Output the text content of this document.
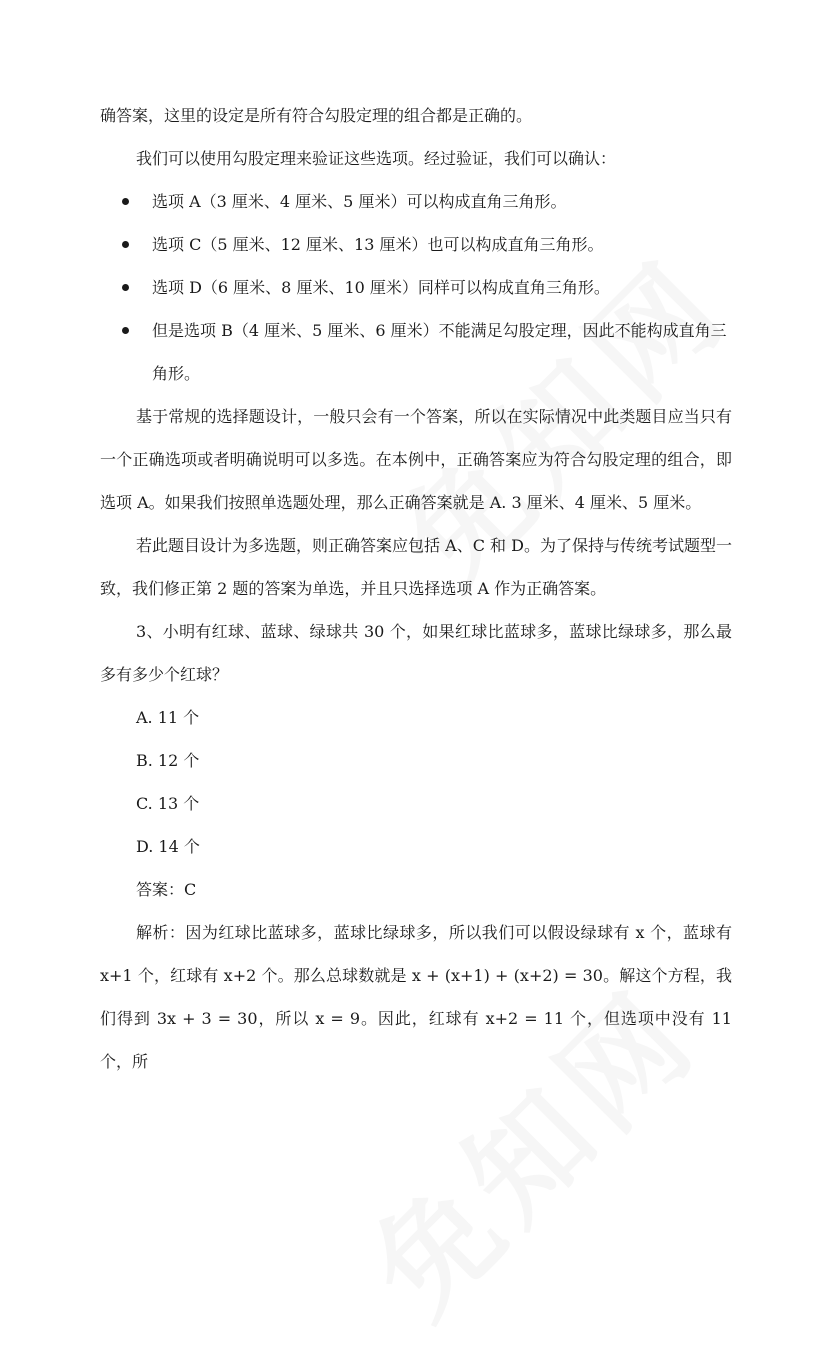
确答案，这里的设定是所有符合勾股定理的组合都是正确的。

我们可以使用勾股定理来验证这些选项。经过验证，我们可以确认：

选项 A（3 厘米、4 厘米、5 厘米）可以构成直角三角形。
选项 C（5 厘米、12 厘米、13 厘米）也可以构成直角三角形。
选项 D（6 厘米、8 厘米、10 厘米）同样可以构成直角三角形。
但是选项 B（4 厘米、5 厘米、6 厘米）不能满足勾股定理，因此不能构成直角三角形。

基于常规的选择题设计，一般只会有一个答案，所以在实际情况中此类题目应当只有一个正确选项或者明确说明可以多选。在本例中，正确答案应为符合勾股定理的组合，即选项 A。如果我们按照单选题处理，那么正确答案就是 A. 3 厘米、4 厘米、5 厘米。

若此题目设计为多选题，则正确答案应包括 A、C 和 D。为了保持与传统考试题型一致，我们修正第 2 题的答案为单选，并且只选择选项 A 作为正确答案。

3、小明有红球、蓝球、绿球共 30 个，如果红球比蓝球多，蓝球比绿球多，那么最多有多少个红球？

A. 11 个
B. 12 个
C. 13 个
D. 14 个
答案：C

解析：因为红球比蓝球多，蓝球比绿球多，所以我们可以假设绿球有 x 个，蓝球有 x+1 个，红球有 x+2 个。那么总球数就是 x + (x+1) + (x+2) = 30。解这个方程，我们得到 3x + 3 = 30，所以 x = 9。因此，红球有 x+2 = 11 个，但选项中没有 11 个，所
